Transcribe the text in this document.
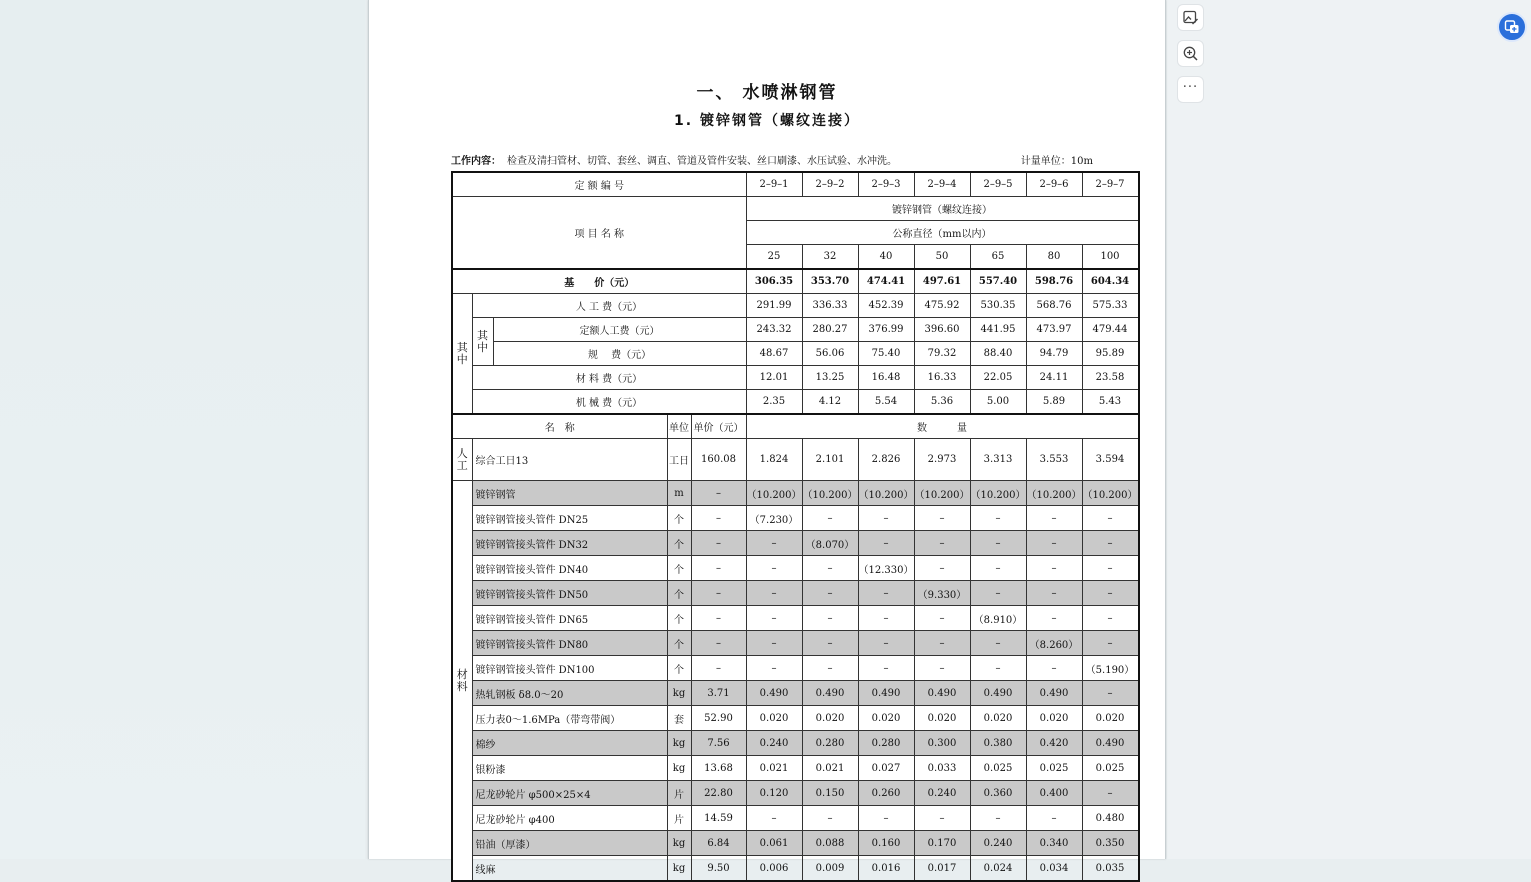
一、 水喷淋钢管
1. 镀锌钢管（螺纹连接）
工作内容： 检查及清扫管材、切管、套丝、调直、管道及管件安装、丝口刷漆、水压试验、水冲洗。	计量单位：10m
定 额 编 号					2–9–1	2–9–2	2–9–3	2–9–4	2–9–5	2–9–6	2–9–7
项 目 名 称					镀锌钢管（螺纹连接）						
					公称直径（mm以内）						
					25	32	40	50	65	80	100
基　　价（元）					306.35	353.70	474.41	497.61	557.40	598.76	604.34
其中	人 工 费（元）				291.99	336.33	452.39	475.92	530.35	568.76	575.33
	其中	定额人工费（元）			243.32	280.27	376.99	396.60	441.95	473.97	479.44
		规 　费（元）			48.67	56.06	75.40	79.32	88.40	94.79	95.89
	材 料 费（元）				12.01	13.25	16.48	16.33	22.05	24.11	23.58
	机 械 费（元）				2.35	4.12	5.54	5.36	5.00	5.89	5.43
名　称			单位	单价（元）	数　　　量						
人工	综合工日13		工日	160.08	1.824	2.101	2.826	2.973	3.313	3.553	3.594
材料	镀锌钢管		m	–	（10.200）	（10.200）	（10.200）	（10.200）	（10.200）	（10.200）	（10.200）
	镀锌钢管接头管件 DN25		个	–	（7.230）	–	–	–	–	–	–
	镀锌钢管接头管件 DN32		个	–	–	（8.070）	–	–	–	–	–
	镀锌钢管接头管件 DN40		个	–	–	–	（12.330）	–	–	–	–
	镀锌钢管接头管件 DN50		个	–	–	–	–	（9.330）	–	–	–
	镀锌钢管接头管件 DN65		个	–	–	–	–	–	（8.910）	–	–
	镀锌钢管接头管件 DN80		个	–	–	–	–	–	–	（8.260）	–
	镀锌钢管接头管件 DN100		个	–	–	–	–	–	–	–	（5.190）
	热轧钢板 δ8.0～20		kg	3.71	0.490	0.490	0.490	0.490	0.490	0.490	–
	压力表0～1.6MPa（带弯带阀）		套	52.90	0.020	0.020	0.020	0.020	0.020	0.020	0.020
	棉纱		kg	7.56	0.240	0.280	0.280	0.300	0.380	0.420	0.490
	银粉漆		kg	13.68	0.021	0.021	0.027	0.033	0.025	0.025	0.025
	尼龙砂轮片 φ500×25×4		片	22.80	0.120	0.150	0.260	0.240	0.360	0.400	–
	尼龙砂轮片 φ400		片	14.59	–	–	–	–	–	–	0.480
	铅油（厚漆）		kg	6.84	0.061	0.088	0.160	0.170	0.240	0.340	0.350
	线麻		kg	9.50	0.006	0.009	0.016	0.017	0.024	0.034	0.035
···
